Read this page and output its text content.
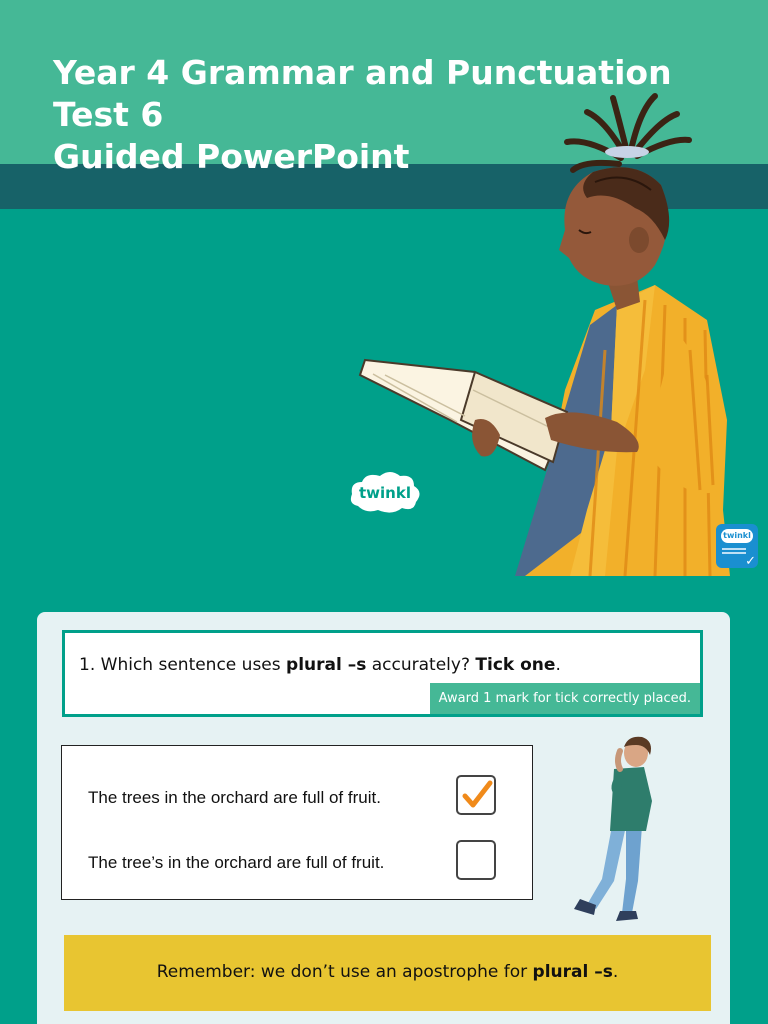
Year 4 Grammar and Punctuation
Test 6
Guided PowerPoint
twinkl
twinkl
✓

1. Which sentence uses plural –s accurately? Tick one.

Award 1 mark for tick correctly placed.
The trees in the orchard are full of fruit.
The tree’s in the orchard are full of fruit.

Remember: we don’t use an apostrophe for plural –s.
